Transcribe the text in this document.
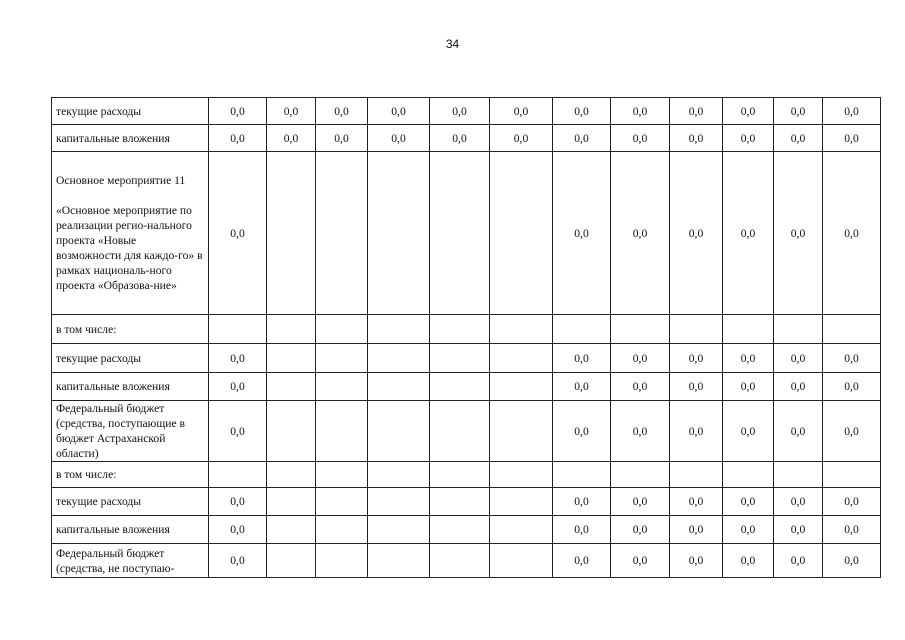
34
текущие расходы	0,0	0,0	0,0	0,0	0,0	0,0	0,0	0,0	0,0	0,0	0,0	0,0
капитальные вложения	0,0	0,0	0,0	0,0	0,0	0,0	0,0	0,0	0,0	0,0	0,0	0,0

Основное мероприятие 11
«Основное мероприятие по реализации регио-нального проекта «Новые возможности для каждо-го» в рамках националь-ного проекта «Образова-ние»	0,0						0,0	0,0	0,0	0,0	0,0	0,0
в том числе:												
текущие расходы	0,0						0,0	0,0	0,0	0,0	0,0	0,0
капитальные вложения	0,0						0,0	0,0	0,0	0,0	0,0	0,0
Федеральный бюджет (средства, поступающие в бюджет Астраханской области)	0,0						0,0	0,0	0,0	0,0	0,0	0,0
в том числе:												
текущие расходы	0,0						0,0	0,0	0,0	0,0	0,0	0,0
капитальные вложения	0,0						0,0	0,0	0,0	0,0	0,0	0,0
Федеральный бюджет (средства, не поступаю-	0,0						0,0	0,0	0,0	0,0	0,0	0,0
